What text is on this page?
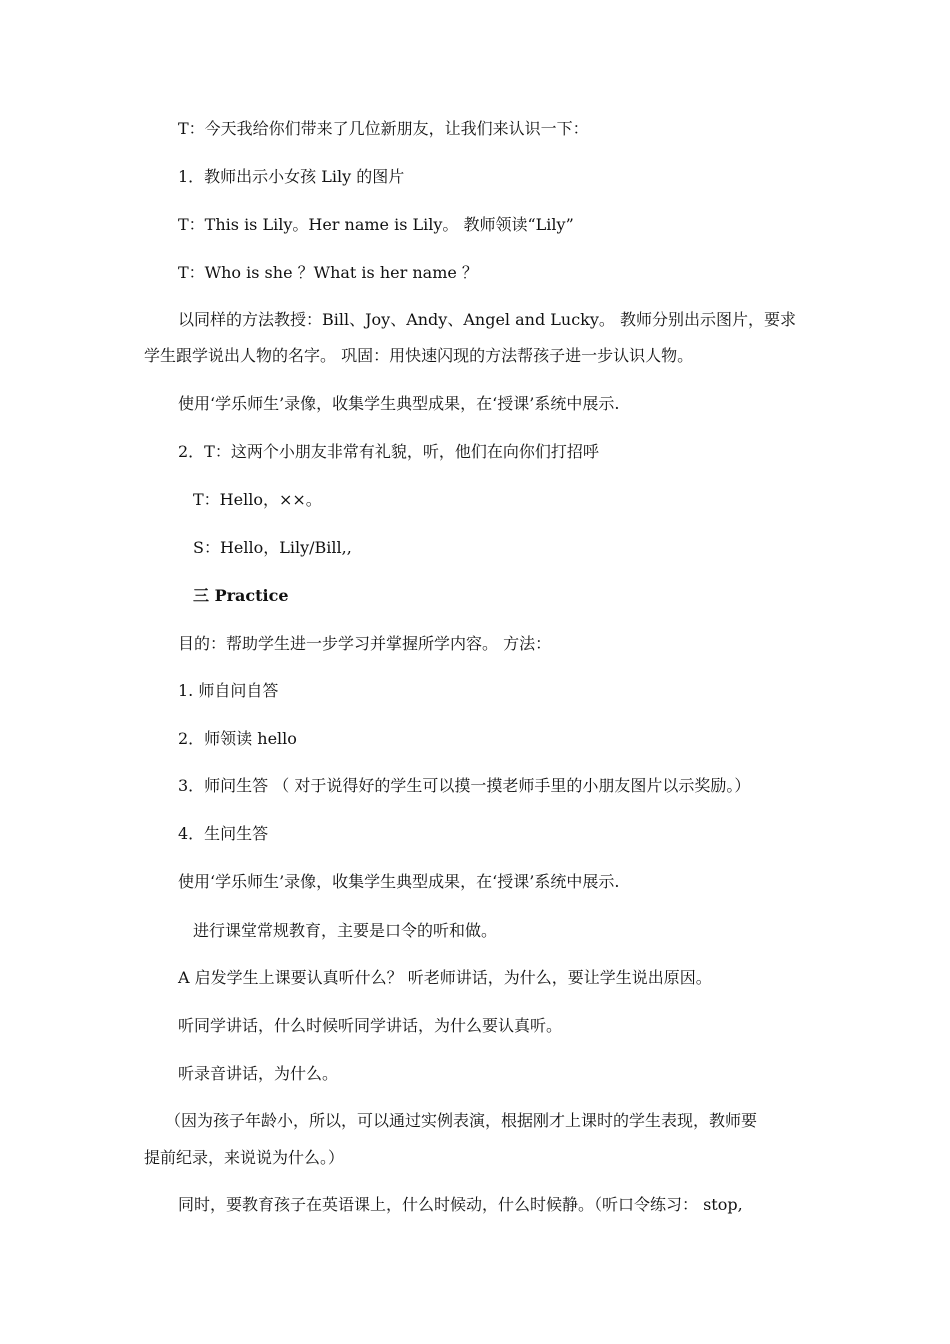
T：今天我给你们带来了几位新朋友，让我们来认识一下：
1．教师出示小女孩 Lily 的图片
T：This is Lily。Her name is Lily。 教师领读“Lily”
T：Who is she ？What is her name ？
以同样的方法教授：Bill、Joy、Andy、Angel and Lucky。 教师分别出示图片，要求
学生跟学说出人物的名字。 巩固：用快速闪现的方法帮孩子进一步认识人物。
使用‘学乐师生’录像，收集学生典型成果，在‘授课’系统中展示.
2．T：这两个小朋友非常有礼貌，听，他们在向你们打招呼
T：Hello，××。
S：Hello，Lily/Bill,,
三 Practice
目的：帮助学生进一步学习并掌握所学内容。 方法：
1. 师自问自答
2．师领读 hello
3．师问生答 （ 对于说得好的学生可以摸一摸老师手里的小朋友图片以示奖励。）
4．生问生答
使用‘学乐师生’录像，收集学生典型成果，在‘授课’系统中展示.
进行课堂常规教育，主要是口令的听和做。
A 启发学生上课要认真听什么？ 听老师讲话，为什么，要让学生说出原因。
听同学讲话，什么时候听同学讲话，为什么要认真听。
听录音讲话，为什么。
（因为孩子年龄小，所以，可以通过实例表演，根据刚才上课时的学生表现，教师要
提前纪录，来说说为什么。）
同时，要教育孩子在英语课上，什么时候动，什么时候静。（听口令练习： stop,
